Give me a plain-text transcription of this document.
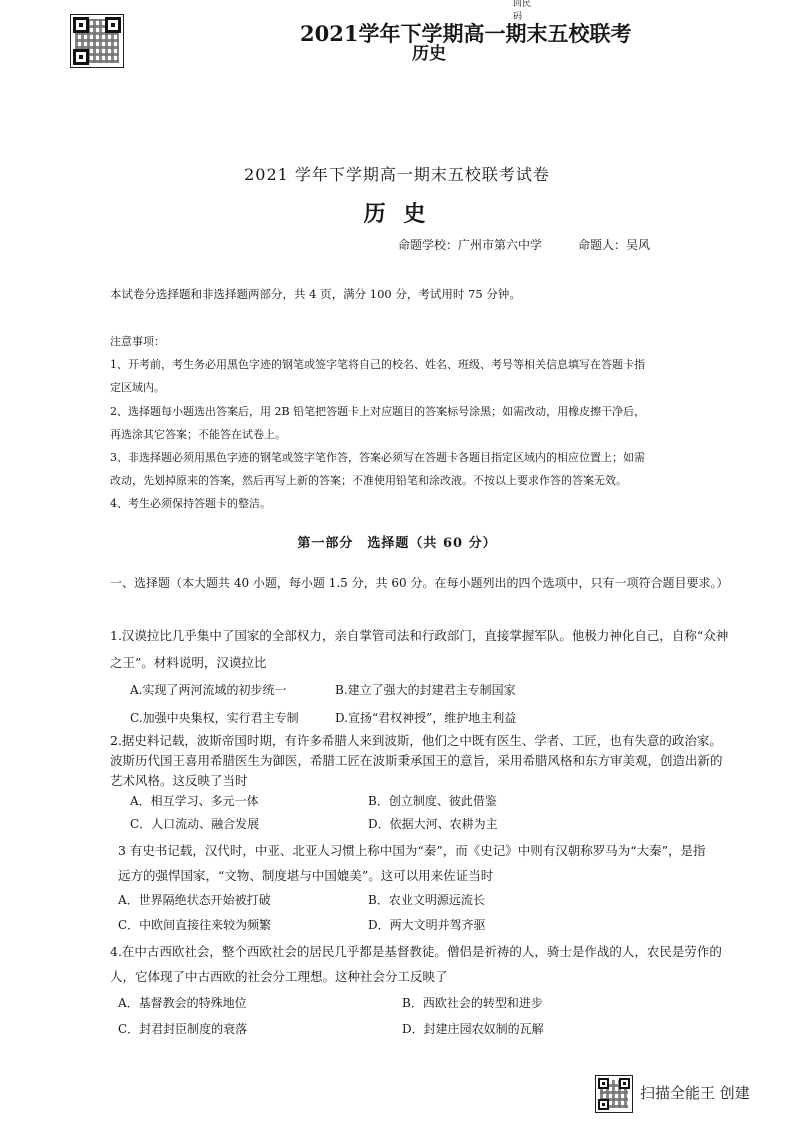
回民码
2021学年下学期高一期末五校联考
历史
2021 学年下学期高一期末五校联考试卷
历 史
命题学校：广州市第六中学	命题人：吴风
本试卷分选择题和非选择题两部分，共 4 页，满分 100 分，考试用时 75 分钟。
注意事项：
1、开考前，考生务必用黑色字迹的钢笔或签字笔将自己的校名、姓名、班级、考号等相关信息填写在答题卡指
定区域内。
2、选择题每小题选出答案后，用 2B 铅笔把答题卡上对应题目的答案标号涂黑；如需改动，用橡皮擦干净后，
再选涂其它答案；不能答在试卷上。
3、非选择题必须用黑色字迹的钢笔或签字笔作答，答案必须写在答题卡各题目指定区域内的相应位置上；如需
改动，先划掉原来的答案，然后再写上新的答案；不准使用铅笔和涂改液。不按以上要求作答的答案无效。
4、考生必须保持答题卡的整洁。
第一部分　选择题（共 60 分）
一、选择题（本大题共 40 小题，每小题 1.5 分，共 60 分。在每小题列出的四个选项中，只有一项符合题目要求。）
1.汉谟拉比几乎集中了国家的全部权力，亲自掌管司法和行政部门，直接掌握军队。他极力神化自己，自称“众神
之王”。材料说明，汉谟拉比
A.实现了两河流域的初步统一	B.建立了强大的封建君主专制国家
C.加强中央集权，实行君主专制	D.宣扬“君权神授”，维护地主利益
2.据史料记载，波斯帝国时期，有许多希腊人来到波斯，他们之中既有医生、学者、工匠，也有失意的政治家。
波斯历代国王喜用希腊医生为御医，希腊工匠在波斯秉承国王的意旨，采用希腊风格和东方审美观，创造出新的
艺术风格。这反映了当时
A．相互学习、多元一体	B．创立制度、彼此借鉴
C．人口流动、融合发展	D．依据大河、农耕为主
3 有史书记载，汉代时，中亚、北亚人习惯上称中国为“秦”，而《史记》中则有汉朝称罗马为“大秦”，是指
远方的强悍国家，“文物、制度堪与中国媲美”。这可以用来佐证当时
A．世界隔绝状态开始被打破	B．农业文明源远流长
C．中欧间直接往来较为频繁	D．两大文明并驾齐驱
4.在中古西欧社会，整个西欧社会的居民几乎都是基督教徒。僧侣是祈祷的人，骑士是作战的人，农民是劳作的
人，它体现了中古西欧的社会分工理想。这种社会分工反映了
A．基督教会的特殊地位	B．西欧社会的转型和进步
C．封君封臣制度的衰落	D．封建庄园农奴制的瓦解
扫描全能王 创建
